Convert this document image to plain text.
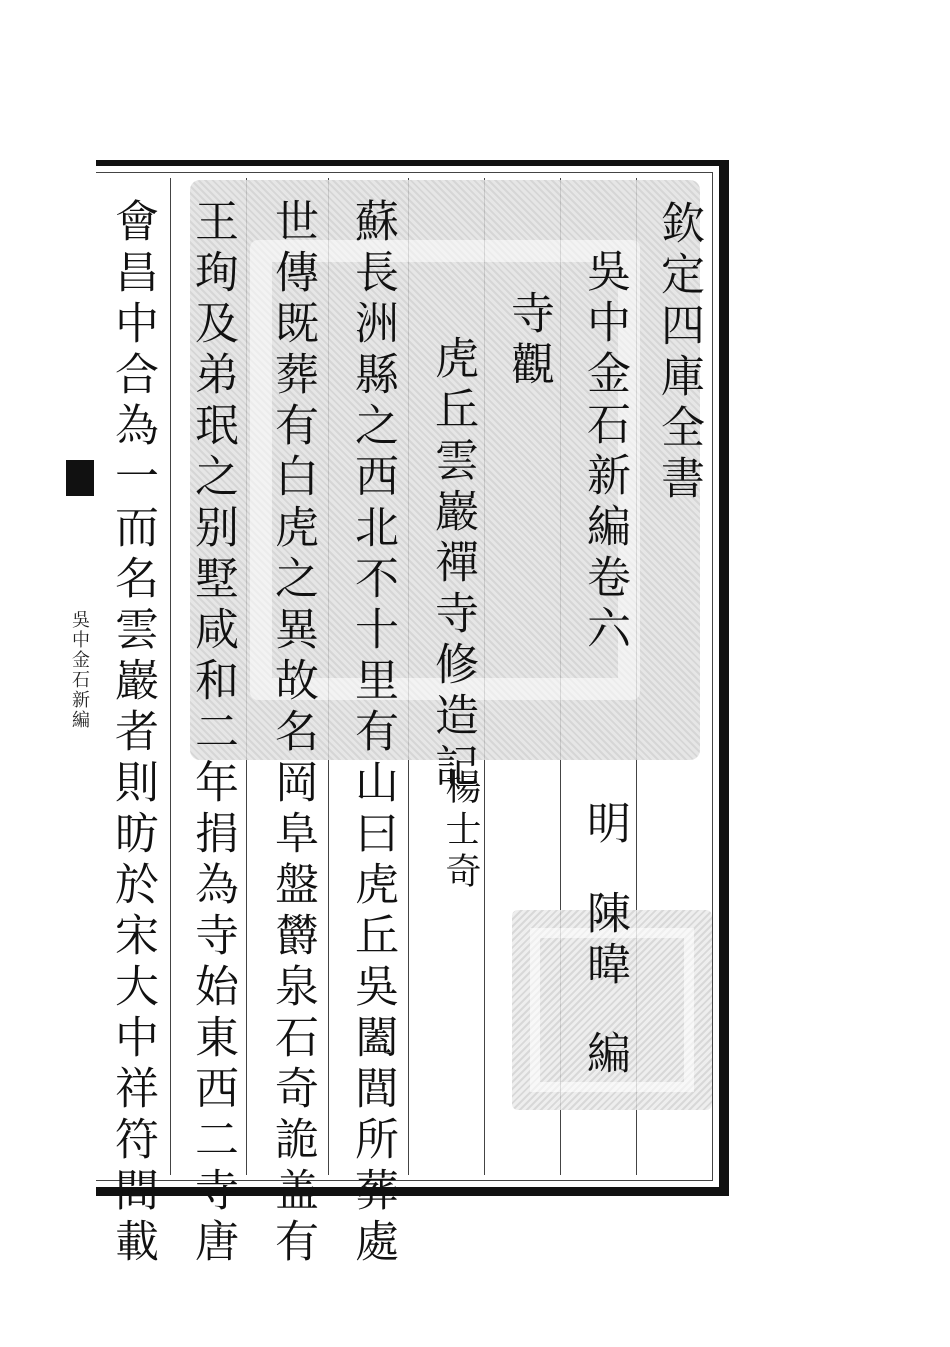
吳中金石新編
欽定四庫全書
吳中金石新編卷六
明
陳暐
編
寺觀
虎丘雲巖禪寺修造記
楊士奇
蘇長洲縣之西北不十里有山曰虎丘吳闔閭所葬處
世傳既葬有白虎之異故名岡阜盤欝泉石奇詭盖有
王珣及弟珉之别墅咸和二年捐為寺始東西二寺唐
會昌中合為一而名雲巖者則昉於宋大中祥符間載
